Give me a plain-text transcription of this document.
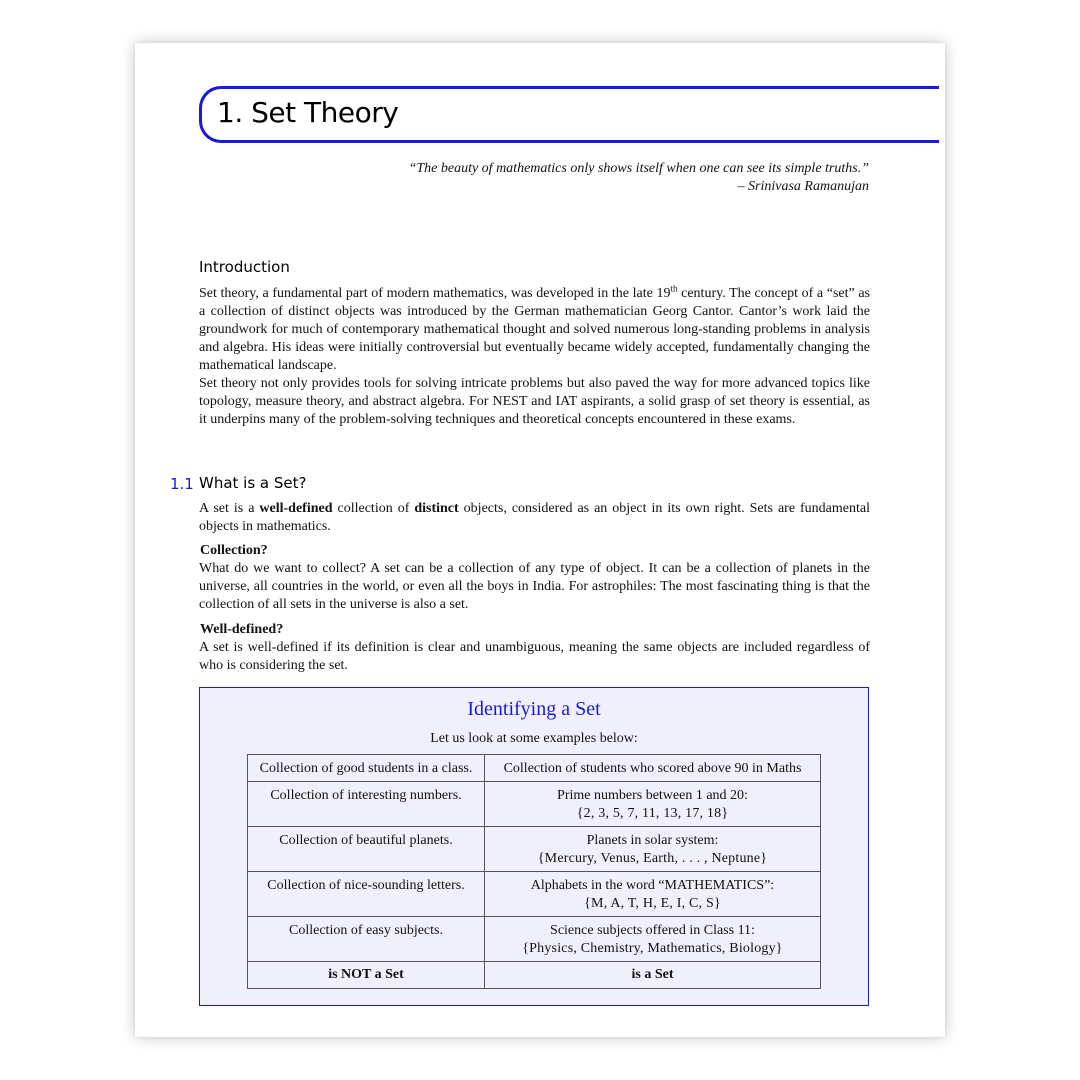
1. Set Theory
“The beauty of mathematics only shows itself when one can see its simple truths.”
– Srinivasa Ramanujan
Introduction

Set theory, a fundamental part of modern mathematics, was developed in the late 19th century. The concept of a “set” as a collection of distinct objects was introduced by the German mathematician Georg Cantor. Cantor’s work laid the groundwork for much of contemporary mathematical thought and solved numerous long-standing problems in analysis and algebra. His ideas were initially controversial but eventually became widely accepted, fundamentally changing the mathematical landscape.

Set theory not only provides tools for solving intricate problems but also paved the way for more advanced topics like topology, measure theory, and abstract algebra. For NEST and IAT aspirants, a solid grasp of set theory is essential, as it underpins many of the problem-solving techniques and theoretical concepts encountered in these exams.

1.1 What is a Set?

A set is a well-defined collection of distinct objects, considered as an object in its own right. Sets are fundamental objects in mathematics.

Collection?
What do we want to collect? A set can be a collection of any type of object. It can be a collection of planets in the universe, all countries in the world, or even all the boys in India. For astrophiles: The most fascinating thing is that the collection of all sets in the universe is also a set.
Well-defined?
A set is well-defined if its definition is clear and unambiguous, meaning the same objects are included regardless of who is considering the set.
Identifying a Set
Let us look at some examples below:
Collection of good students in a class.	Collection of students who scored above 90 in Maths

Collection of interesting numbers.	Prime numbers between 1 and 20:
{2, 3, 5, 7, 11, 13, 17, 18}

Collection of beautiful planets.	Planets in solar system:
{Mercury, Venus, Earth, . . . , Neptune}

Collection of nice-sounding letters.	Alphabets in the word “MATHEMATICS”:
{M, A, T, H, E, I, C, S}

Collection of easy subjects.	Science subjects offered in Class 11:
{Physics, Chemistry, Mathematics, Biology}

is NOT a Set	is a Set
